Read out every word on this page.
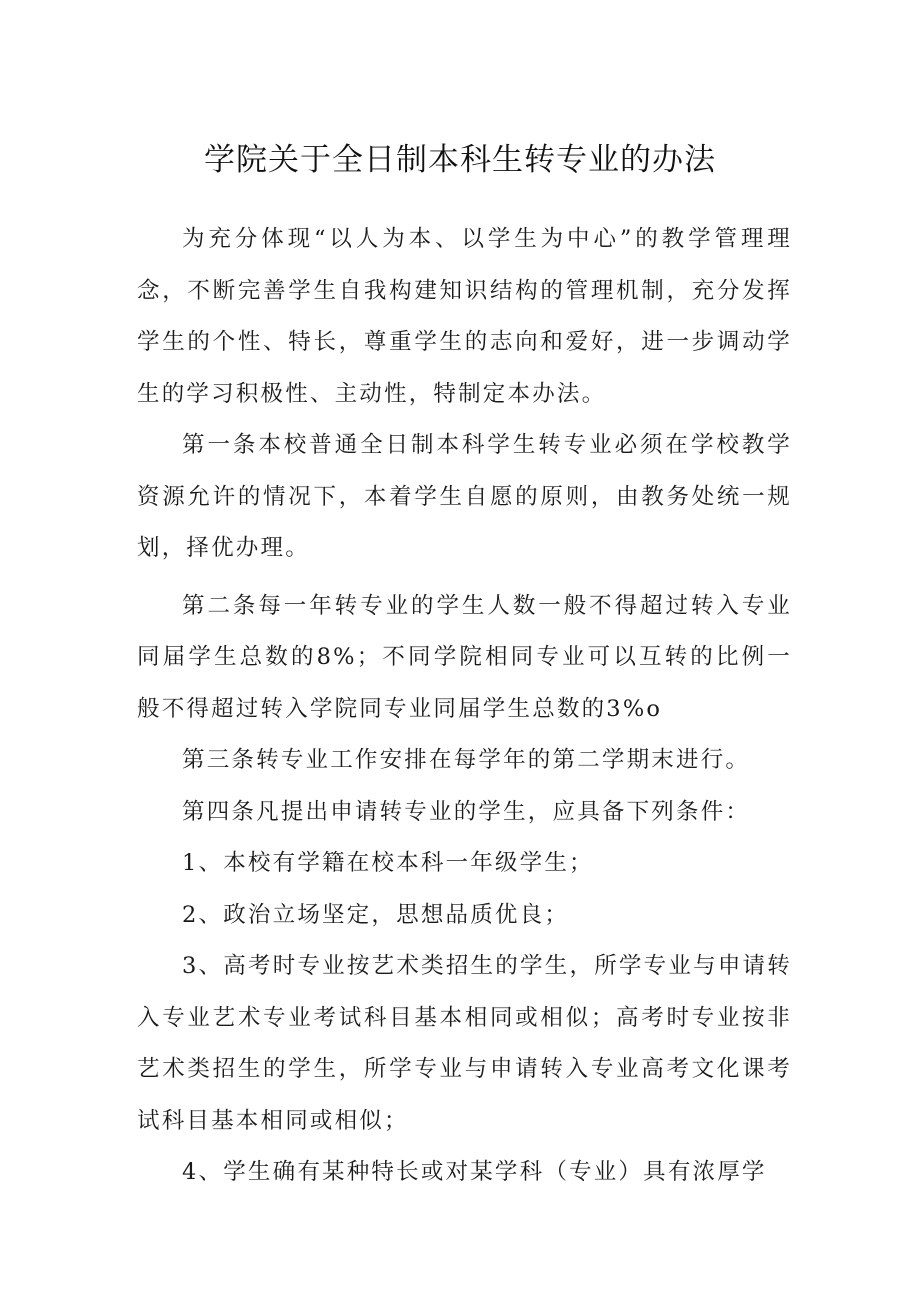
学院关于全日制本科生转专业的办法

为充分体现“以人为本、以学生为中心”的教学管理理念，不断完善学生自我构建知识结构的管理机制，充分发挥学生的个性、特长，尊重学生的志向和爱好，进一步调动学生的学习积极性、主动性，特制定本办法。

第一条本校普通全日制本科学生转专业必须在学校教学资源允许的情况下，本着学生自愿的原则，由教务处统一规划，择优办理。

第二条每一年转专业的学生人数一般不得超过转入专业同届学生总数的8%；不同学院相同专业可以互转的比例一般不得超过转入学院同专业同届学生总数的3%o

第三条转专业工作安排在每学年的第二学期末进行。

第四条凡提出申请转专业的学生，应具备下列条件：

1、本校有学籍在校本科一年级学生；

2、政治立场坚定，思想品质优良；

3、高考时专业按艺术类招生的学生，所学专业与申请转入专业艺术专业考试科目基本相同或相似；高考时专业按非艺术类招生的学生，所学专业与申请转入专业高考文化课考试科目基本相同或相似；

4、学生确有某种特长或对某学科（专业）具有浓厚学
